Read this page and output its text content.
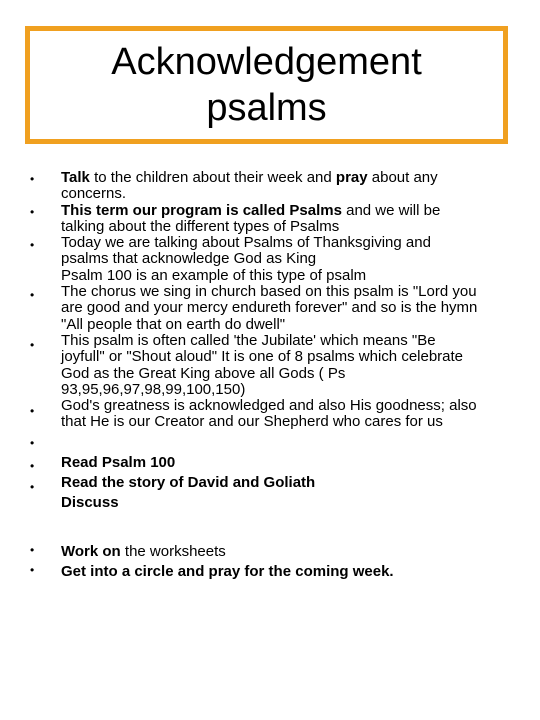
Acknowledgement
psalms
•
•
•
•
•
•
•
•
•
•
•

Talk to the children about their week and pray about any

concerns.

This term our program is called Psalms and we will be

talking about the different types of Psalms

Today we are talking about Psalms of Thanksgiving and

psalms that acknowledge God as King

Psalm 100 is an example of this type of psalm

The chorus we sing in church based on this psalm is "Lord you

are good and your mercy endureth forever" and so is the hymn

"All people that on earth do dwell"

This psalm is often called 'the Jubilate' which means "Be

joyfull" or "Shout aloud" It is one of 8 psalms which celebrate

God as the Great King above all Gods ( Ps

93,95,96,97,98,99,100,150)

God's greatness is acknowledged and also His goodness; also

that He is our Creator and our Shepherd who cares for us

Read Psalm 100

Read the story of David and Goliath

Discuss

Work on the worksheets

Get into a circle and pray for the coming week.
